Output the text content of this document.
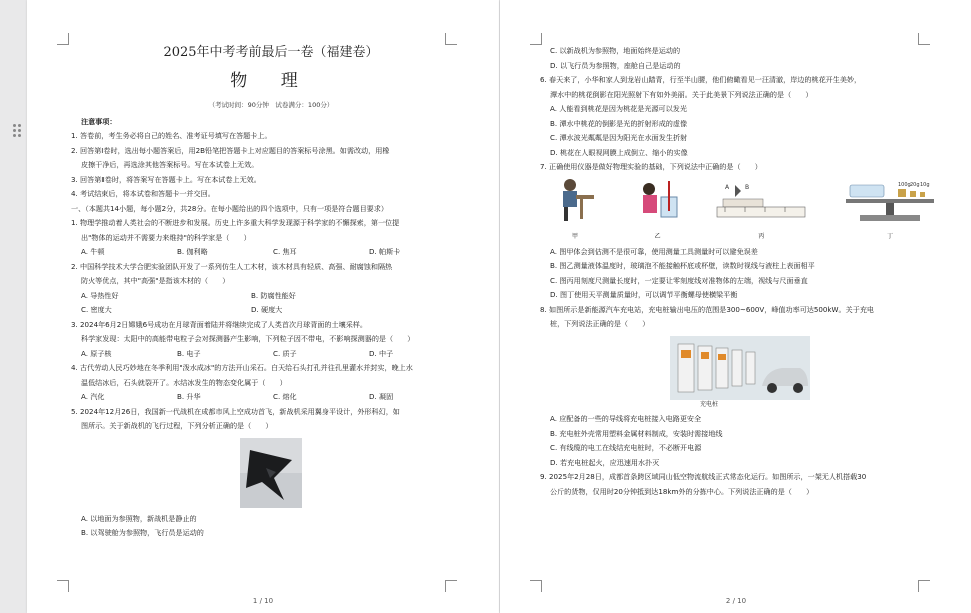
2025年中考考前最后一卷（福建卷）
物 理
（考试时间：90分钟　试卷满分：100分）
注意事项：
1. 答卷前，考生务必将自己的姓名、准考证号填写在答题卡上。
2. 回答第Ⅰ卷时，选出每小题答案后，用2B铅笔把答题卡上对应题目的答案标号涂黑。如需改动，用橡
皮擦干净后，再选涂其他答案标号。写在本试卷上无效。
3. 回答第Ⅱ卷时，将答案写在答题卡上。写在本试卷上无效。
4. 考试结束后，将本试卷和答题卡一并交回。
一、（本题共14小题，每小题2分，共28分。在每小题给出的四个选项中，只有一项是符合题目要求）
1. 物理学推动着人类社会的不断进步和发展。历史上许多重大科学发现源于科学家的不懈探索，第一位提
出"物体的运动并不需要力来维持"的科学家是（　　）
A. 牛顿	B. 伽利略	C. 焦耳	D. 帕斯卡
2. 中国科学技术大学合肥实验团队开发了一系列仿生人工木材，该木材具有轻质、高强、耐腐蚀和隔热
防火等优点，其中"高强"是指该木材的（　　）
A. 导热性好	B. 防腐性能好
C. 密度大	D. 硬度大
3. 2024年6月2日嫦娥6号成功在月球背面着陆并将继续完成了人类首次月球背面的土壤采样。
科学家发现：太阳中的高能带电粒子会对探测器产生影响，下列粒子因不带电，不影响探测器的是（　　）
A. 原子核	B. 电子	C. 质子	D. 中子
4. 古代劳动人民巧妙地在冬季利用"泼水成冰"的方法开山采石。白天给石头打孔并往孔里灌水并封实，晚上水
温低结冰后，石头就裂开了。水结冰发生的物态变化属于（　　）
A. 汽化	B. 升华	C. 熔化	D. 凝固
5. 2024年12月26日，我国新一代战机在成都市风上空成功首飞，新战机采用翼身平设计，外形科幻，如
图所示。关于新战机的飞行过程，下列分析正确的是（　　）
A. 以地面为参照物，新战机是静止的
B. 以驾驶舱为参照物，飞行员是运动的
1 / 10
C. 以新战机为参照物，地面始终是运动的
D. 以飞行员为参照物，座舱自己是运动的
6. 春天来了，小华和家人到龙岩山踏青，行至半山腰，他们俯瞰看见一汪清澈，岸边的桃花开生美妙，
潭水中的桃花倒影在阳光照射下有如外美丽。关于此美景下列说法正确的是（　　）
A. 人能看到桃花是因为桃花是光源可以发光
B. 潭水中桃花的倒影是光的折射形成的虚像
C. 潭水波光粼粼是因为阳光在水面发生折射
D. 桃花在人眼视网膜上成倒立、缩小的实像
7. 正确使用仪器是做好物理实验的基础，下列说法中正确的是（　　）
甲	乙
A	B
丙
100g 20g 10g
丁
A. 图甲体会到估测不是很可靠，使用测量工具测量时可以避免误差
B. 图乙测量液体温度时，玻璃泡不能接触杯底或杯壁，读数时视线与液柱上表面相平
C. 图丙用刻度尺测量长度时，一定要让零刻度线对准物体的左端，视线与尺面垂直
D. 图丁使用天平测量质量时，可以调节平衡螺母使横梁平衡
8. 如图所示是新能源汽车充电站，充电桩输出电压的范围是300~600V，峰值功率可达500kW。关于充电
桩，下列说法正确的是（　　）
充电桩
A. 应配备的一些的导线将充电桩接入电路更安全
B. 充电桩外壳常用塑料金属材料制成，安装时需接地线
C. 有线缆的电工在线结充电桩时，不必断开电源
D. 若充电桩起火，应迅速用水扑灭
9. 2025年2月28日，成都首条跨区域同山低空物流航线正式常态化运行。如图所示，一架无人机搭载30
公斤的货物，仅用时20分钟抵到达18km外的分拣中心。下列说法正确的是（　　）
2 / 10
